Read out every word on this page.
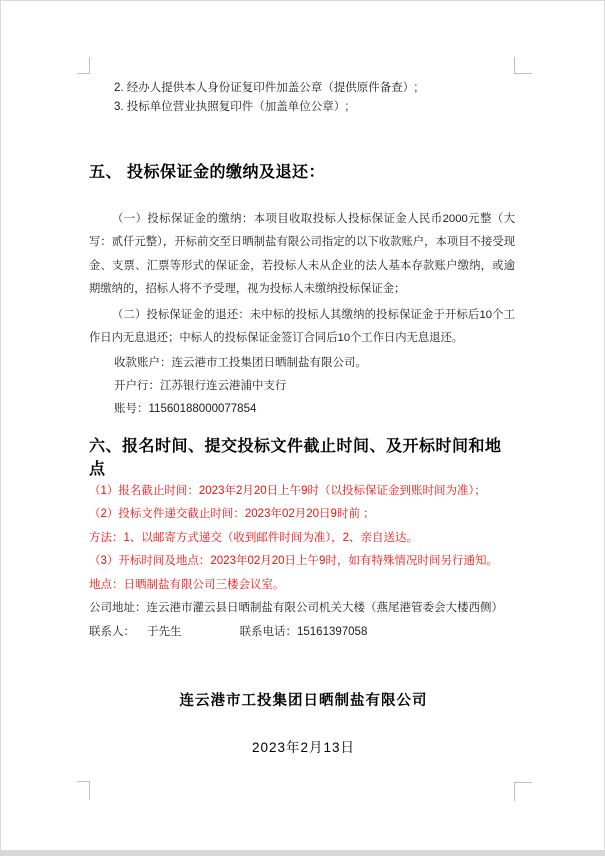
2. 经办人提供本人身份证复印件加盖公章（提供原件备查）;
3. 投标单位营业执照复印件（加盖单位公章）;
五、 投标保证金的缴纳及退还：
（一）投标保证金的缴纳：本项目收取投标人投标保证金人民币2000元整（大写：贰仟元整），开标前交至日晒制盐有限公司指定的以下收款账户，本项目不接受现金、支票、汇票等形式的保证金，若投标人未从企业的法人基本存款账户缴纳，或逾期缴纳的，招标人将不予受理，视为投标人未缴纳投标保证金；
（二）投标保证金的退还：未中标的投标人其缴纳的投标保证金于开标后10个工作日内无息退还；中标人的投标保证金签订合同后10个工作日内无息退还。
收款账户：连云港市工投集团日晒制盐有限公司。
开户行：江苏银行连云港浦中支行
账号：11560188000077854
六、报名时间、提交投标文件截止时间、及开标时间和地点
（1）报名截止时间：2023年2月20日上午9时（以投标保证金到账时间为准）；
（2）投标文件递交截止时间：2023年02月20日9时前 ；
方法：1、以邮寄方式递交（收到邮件时间为准），2、亲自送达。
（3）开标时间及地点：2023年02月20日上午9时，如有特殊情况时间另行通知。
地点：日晒制盐有限公司三楼会议室。
公司地址：连云港市灌云县日晒制盐有限公司机关大楼（燕尾港管委会大楼西侧）
联系人： 于先生	联系电话：15161397058
连云港市工投集团日晒制盐有限公司
2023年2月13日
